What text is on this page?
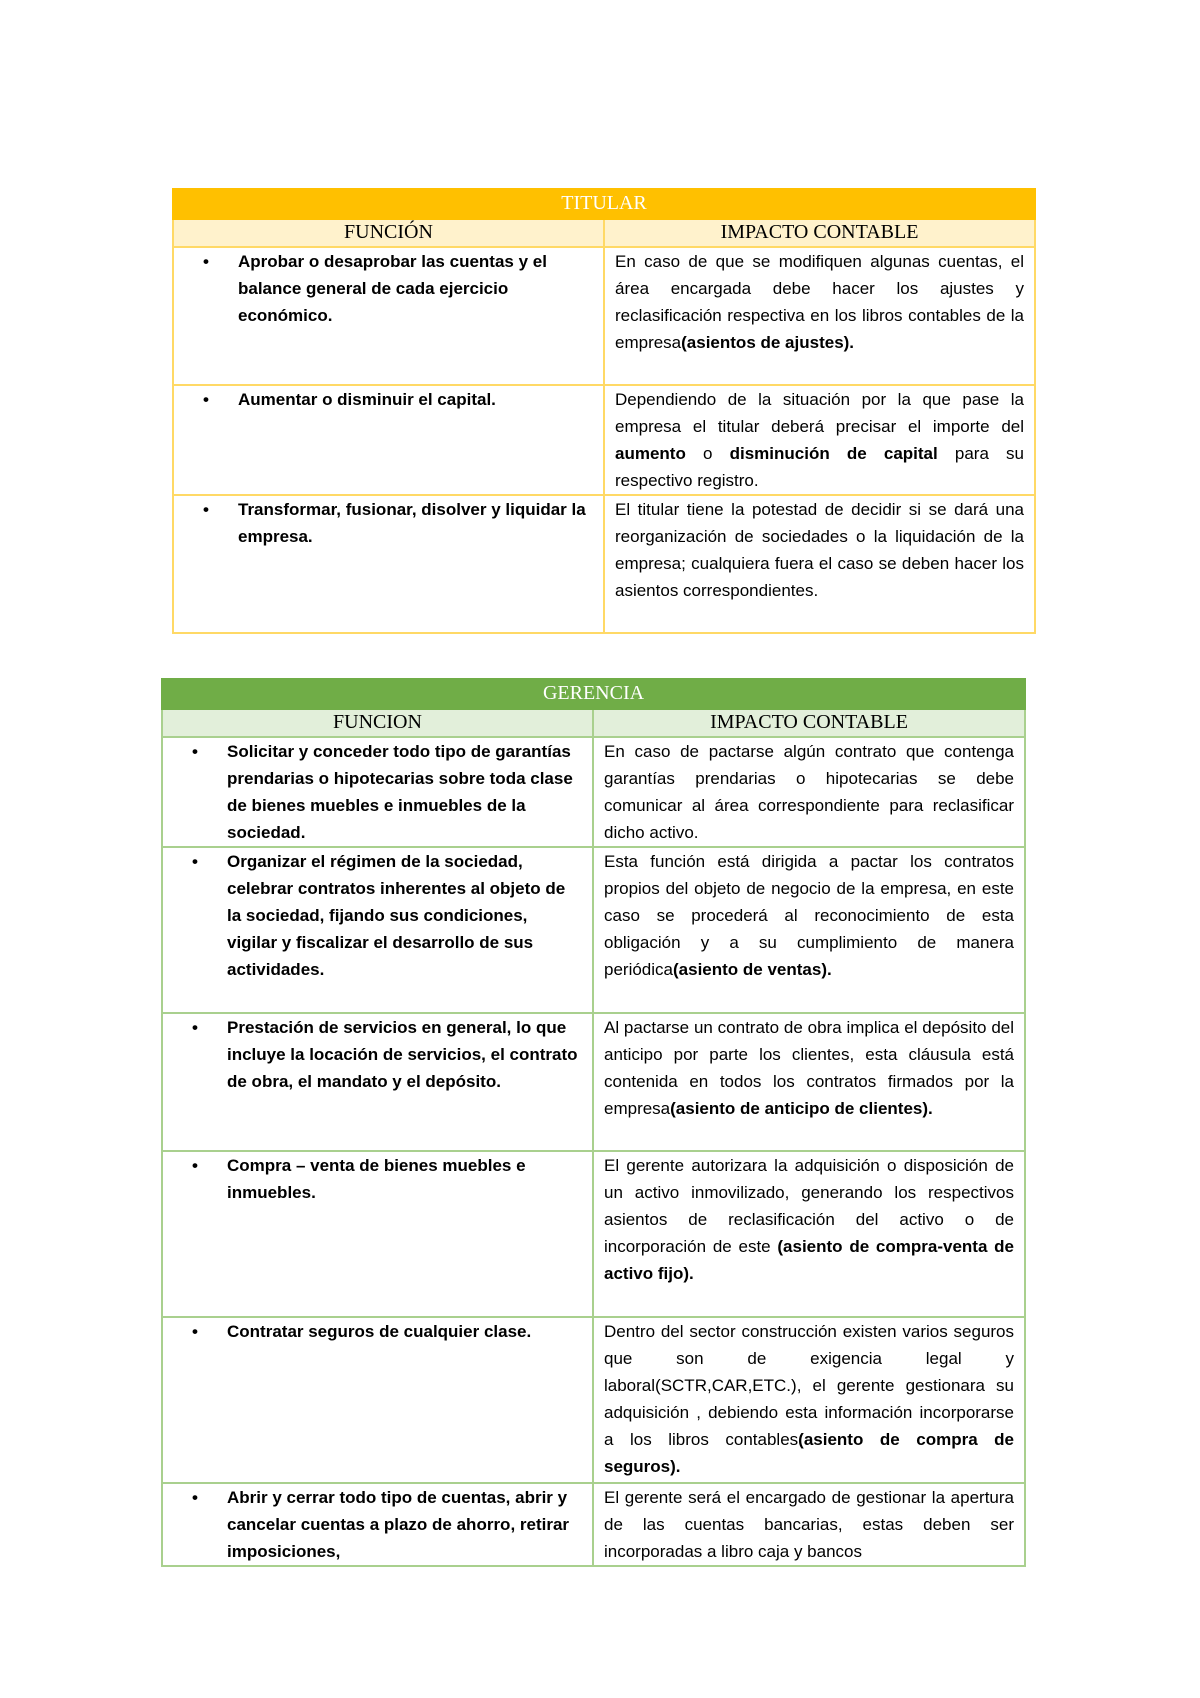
TITULAR	
FUNCIÓN	IMPACTO CONTABLE

• Aprobar o desaprobar las cuentas y el balance general de cada ejercicio económico.	En caso de que se modifiquen algunas cuentas, el área encargada debe hacer los ajustes y reclasificación respectiva en los libros contables de la empresa(asientos de ajustes).

• Aumentar o disminuir el capital.	Dependiendo de la situación por la que pase la empresa el titular deberá precisar el importe del aumento o disminución de capital para su respectivo registro.

• Transformar, fusionar, disolver y liquidar la empresa.	El titular tiene la potestad de decidir si se dará una reorganización de sociedades o la liquidación de la empresa; cualquiera fuera el caso se deben hacer los asientos correspondientes.
GERENCIA	
FUNCION	IMPACTO CONTABLE

• Solicitar y conceder todo tipo de garantías prendarias o hipotecarias sobre toda clase de bienes muebles e inmuebles de la sociedad.	En caso de pactarse algún contrato que contenga garantías prendarias o hipotecarias se debe comunicar al área correspondiente para reclasificar dicho activo.

• Organizar el régimen de la sociedad, celebrar contratos inherentes al objeto de la sociedad, fijando sus condiciones, vigilar y fiscalizar el desarrollo de sus actividades.	Esta función está dirigida a pactar los contratos propios del objeto de negocio de la empresa, en este caso se procederá al reconocimiento de esta obligación y a su cumplimiento de manera periódica(asiento de ventas).

• Prestación de servicios en general, lo que incluye la locación de servicios, el contrato de obra, el mandato y el depósito.	Al pactarse un contrato de obra implica el depósito del anticipo por parte los clientes, esta cláusula está contenida en todos los contratos firmados por la empresa(asiento de anticipo de clientes).

• Compra – venta de bienes muebles e inmuebles.	El gerente autorizara la adquisición o disposición de un activo inmovilizado, generando los respectivos asientos de reclasificación del activo o de incorporación de este (asiento de compra-venta de activo fijo).

• Contratar seguros de cualquier clase.	Dentro del sector construcción existen varios seguros que son de exigencia legal y laboral(SCTR,CAR,ETC.), el gerente gestionara su adquisición , debiendo esta información incorporarse a los libros contables(asiento de compra de seguros).

• Abrir y cerrar todo tipo de cuentas, abrir y cancelar cuentas a plazo de ahorro, retirar imposiciones,	El gerente será el encargado de gestionar la apertura de las cuentas bancarias, estas deben ser incorporadas a libro caja y bancos
